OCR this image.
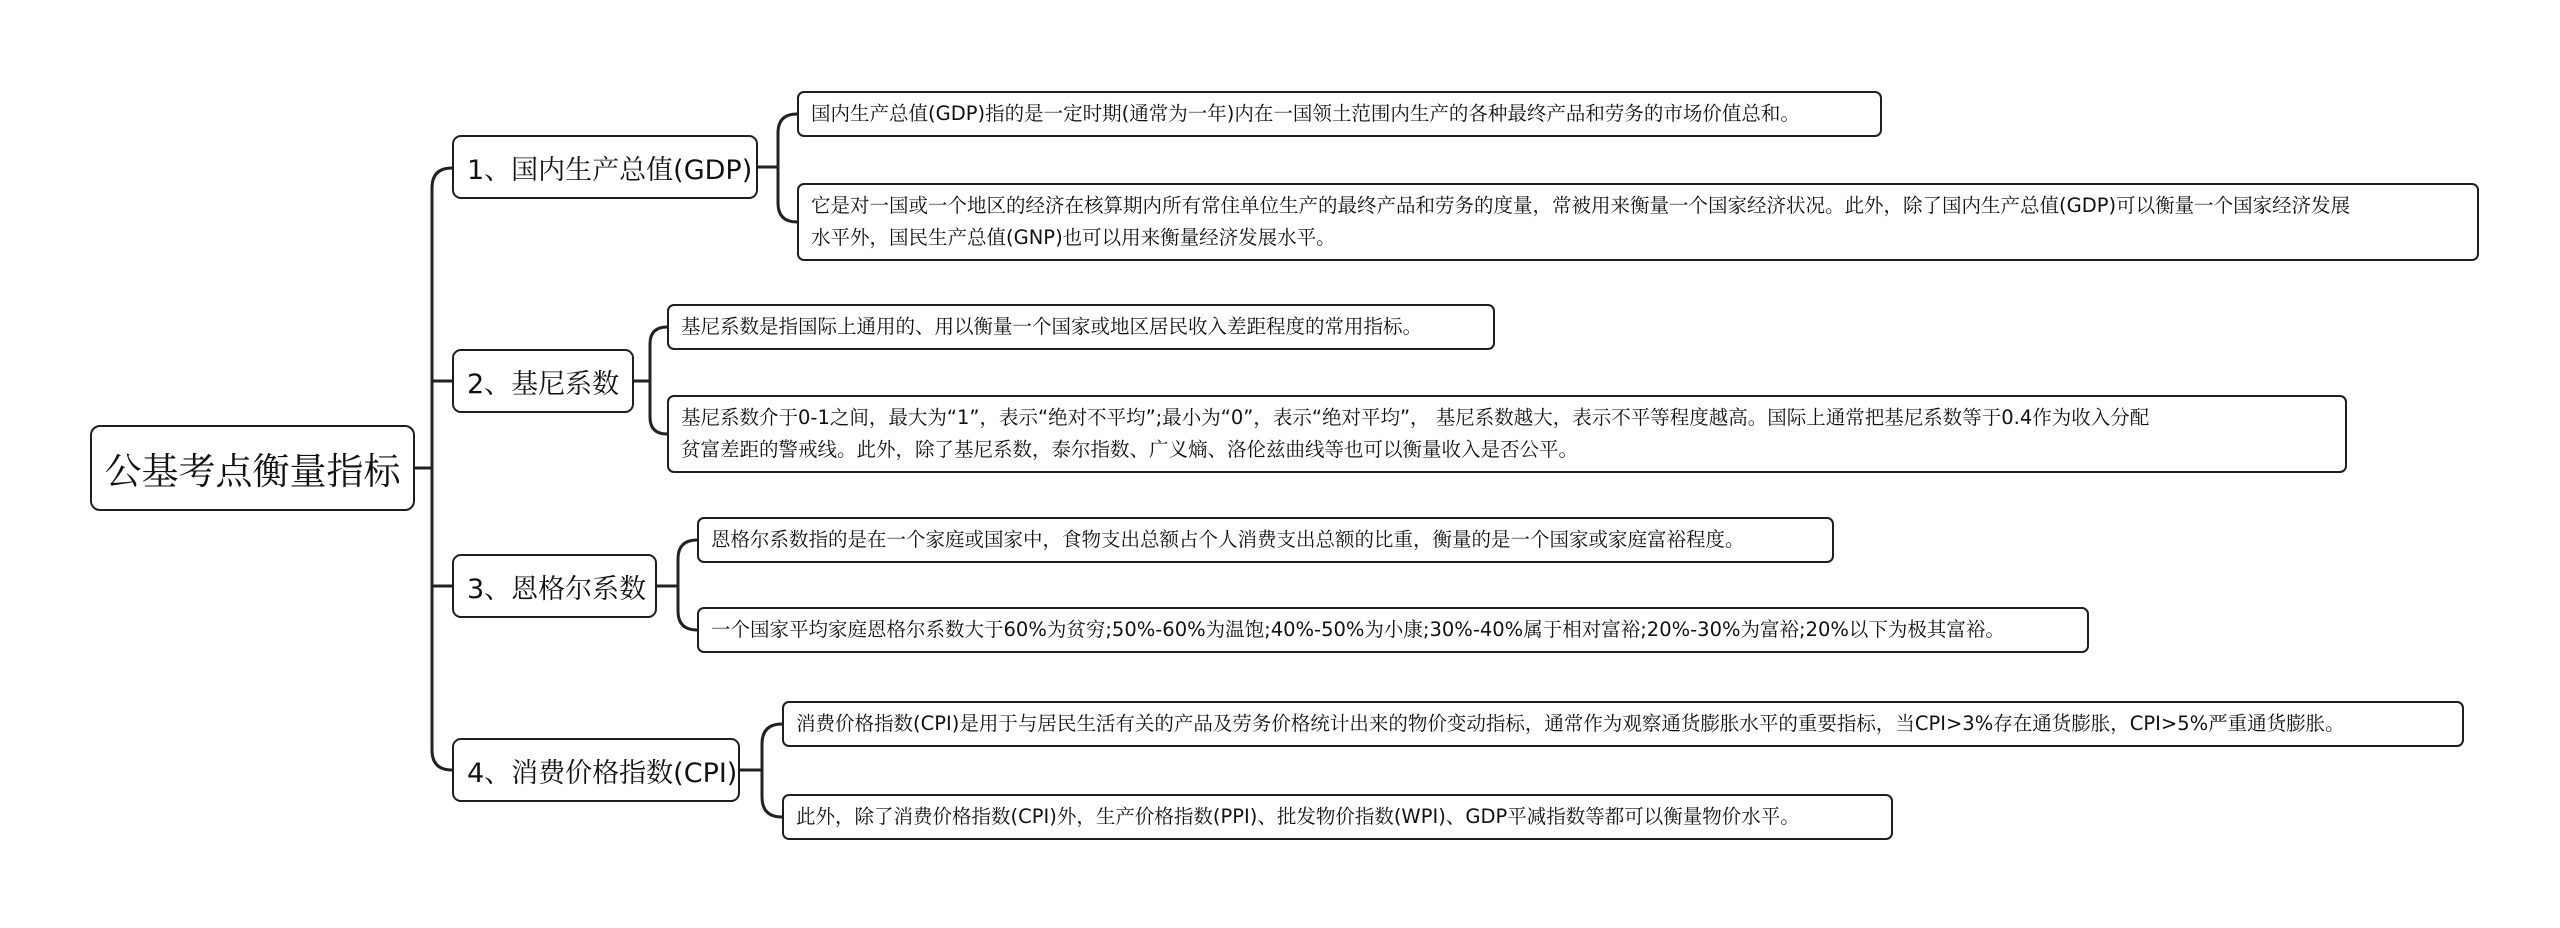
公基考点衡量指标
1、国内生产总值(GDP)
国内生产总值(GDP)指的是一定时期(通常为一年)内在一国领土范围内生产的各种最终产品和劳务的市场价值总和。
它是对一国或一个地区的经济在核算期内所有常住单位生产的最终产品和劳务的度量，常被用来衡量一个国家经济状况。此外，除了国内生产总值(GDP)可以衡量一个国家经济发展
水平外，国民生产总值(GNP)也可以用来衡量经济发展水平。
2、基尼系数
基尼系数是指国际上通用的、用以衡量一个国家或地区居民收入差距程度的常用指标。
基尼系数介于0-1之间，最大为“1”，表示“绝对不平均”;最小为“0”，表示“绝对平均”， 基尼系数越大，表示不平等程度越高。国际上通常把基尼系数等于0.4作为收入分配
贫富差距的警戒线。此外，除了基尼系数，泰尔指数、广义熵、洛伦兹曲线等也可以衡量收入是否公平。
3、恩格尔系数
恩格尔系数指的是在一个家庭或国家中，食物支出总额占个人消费支出总额的比重，衡量的是一个国家或家庭富裕程度。
一个国家平均家庭恩格尔系数大于60%为贫穷;50%-60%为温饱;40%-50%为小康;30%-40%属于相对富裕;20%-30%为富裕;20%以下为极其富裕。
4、消费价格指数(CPI)
消费价格指数(CPI)是用于与居民生活有关的产品及劳务价格统计出来的物价变动指标，通常作为观察通货膨胀水平的重要指标，当CPI>3%存在通货膨胀，CPI>5%严重通货膨胀。
此外，除了消费价格指数(CPI)外，生产价格指数(PPI)、批发物价指数(WPI)、GDP平减指数等都可以衡量物价水平。
